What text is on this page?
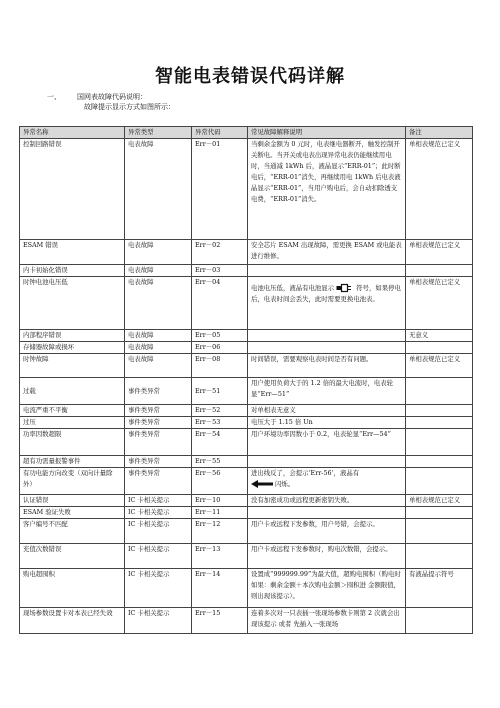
智能电表错误代码详解
一、 国网表故障代码说明：
故障提示显示方式如图所示：
异常名称	异常类型	异常代码	常见故障解释说明	备注
控制回路错误	电表故障	Err－01	当剩余金额为 0 元时，电表继电器断开，触发控制开关断电。当开关或电表出现异常电表仍能继续用电时，当通减 1kWh 后，液晶显示“ERR-01”；此时断电后，“ERR-01”消失，再继续用电 1kWh 后电表液晶显示“ERR-01”，当用户购电后，会自动扣除透支电费，“ERR-01”消失。	单相表规范已定义
ESAM 错误	电表故障	Err－02	安全芯片 ESAM 出现故障，需更换 ESAM 或电能表进行维修。	单相表规范已定义
内卡初始化错误	电表故障	Err－03		
时钟电池电压低	电表故障	Err－04	电池电压低，液晶有电池显示 符号，如果停电后，电表时间会丢失，此时需要更换电池表。	单相表规范已定义
内部程序错误	电表故障	Err－05		无意义
存储器故障或损坏	电表故障	Err－06		
时钟故障	电表故障	Err－08	时间错误，需要观察电表时间是否有问题。	单相表规范已定义
过载	事件类异常	Err－51	用户使用负荷大于的 1.2 倍的最大电流时，电表轮显“Err—51”	
电流严重不平衡	事件类异常	Err－52	对单相表无意义	
过压	事件类异常	Err－53	电压大于 1.15 倍 Un	
功率因数超限	事件类异常	Err－54	用户环境功率因数小于 0.2，电表轮显“Err—54”	
超有功需量报警事件	事件类异常	Err－55		
有功电能方向改变（双向计量除外）	事件类异常	Err－56	进出线反了，会提示‘Err-56’，液晶有
闪烁。	
认证错误	IC 卡相关提示	Err－10	没有加密成功或远程更新密钥失败。	单相表规范已定义
ESAM 验证失败	IC 卡相关提示	Err－11		
客户编号不匹配	IC 卡相关提示	Err－12	用户卡或远程下发参数，用户号错，会提示。	
充值次数错误	IC 卡相关提示	Err－13	用户卡或远程下发参数时，购电次数错，会提示。	
购电超囤积	IC 卡相关提示	Err－14	设置成“999999.99”为最大值，超购电囤积（购电时如果：剩余金额＋本次购电金额＞囤积进 金额限值，则出现该提示）。	有液晶提示符号
现场参数设置卡对本表已经失效	IC 卡相关提示	Err－15	连着多次对一只表插一张现场参数卡则第 2 次就会出现该提示 或者 先插入一张现场	
